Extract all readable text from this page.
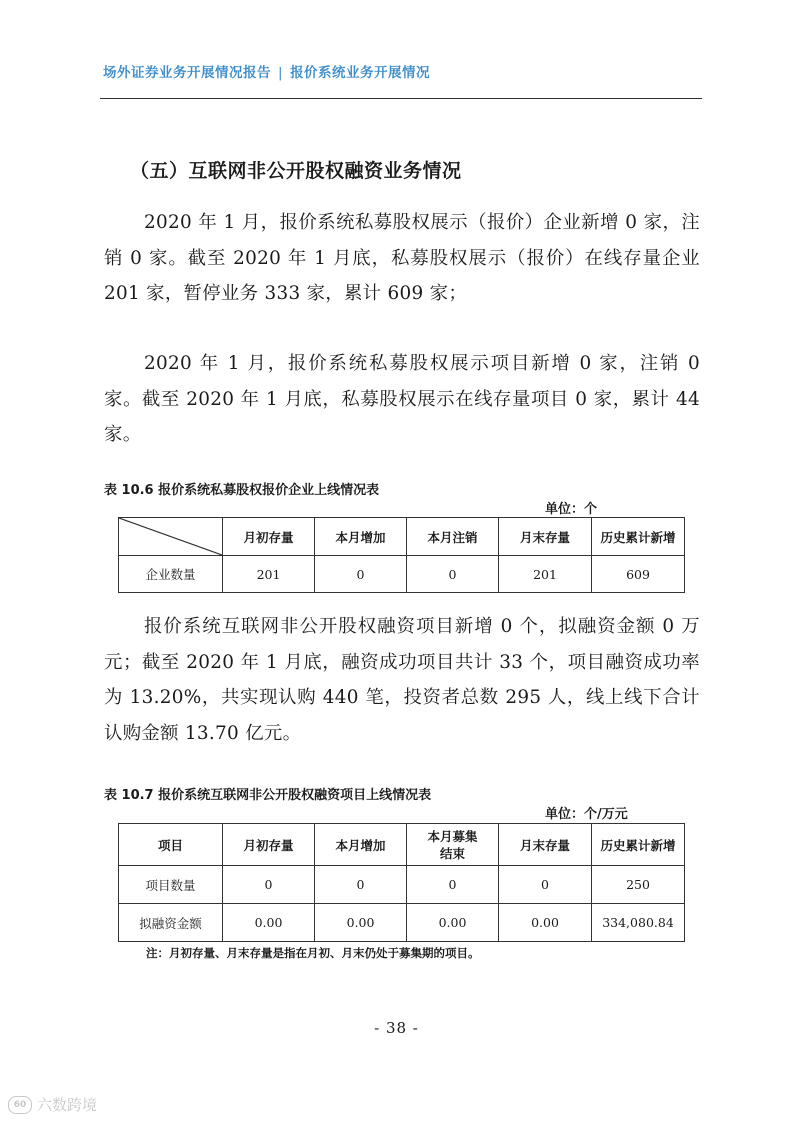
场外证券业务开展情况报告 | 报价系统业务开展情况
（五）互联网非公开股权融资业务情况
2020 年 1 月，报价系统私募股权展示（报价）企业新增 0 家，注销 0 家。截至 2020 年 1 月底，私募股权展示（报价）在线存量企业 201 家，暂停业务 333 家，累计 609 家；
2020 年 1 月，报价系统私募股权展示项目新增 0 家，注销 0 家。截至 2020 年 1 月底，私募股权展示在线存量项目 0 家，累计 44 家。
表 10.6 报价系统私募股权报价企业上线情况表
单位：个
	月初存量	本月增加	本月注销	月末存量	历史累计新增
企业数量	201	0	0	201	609
报价系统互联网非公开股权融资项目新增 0 个，拟融资金额 0 万元；截至 2020 年 1 月底，融资成功项目共计 33 个，项目融资成功率为 13.20%，共实现认购 440 笔，投资者总数 295 人，线上线下合计认购金额 13.70 亿元。
表 10.7 报价系统互联网非公开股权融资项目上线情况表
单位：个/万元
项目	月初存量	本月增加	本月募集结束	月末存量	历史累计新增
项目数量	0	0	0	0	250
拟融资金额	0.00	0.00	0.00	0.00	334,080.84
注：月初存量、月末存量是指在月初、月末仍处于募集期的项目。
- 38 -
60 六数跨境
